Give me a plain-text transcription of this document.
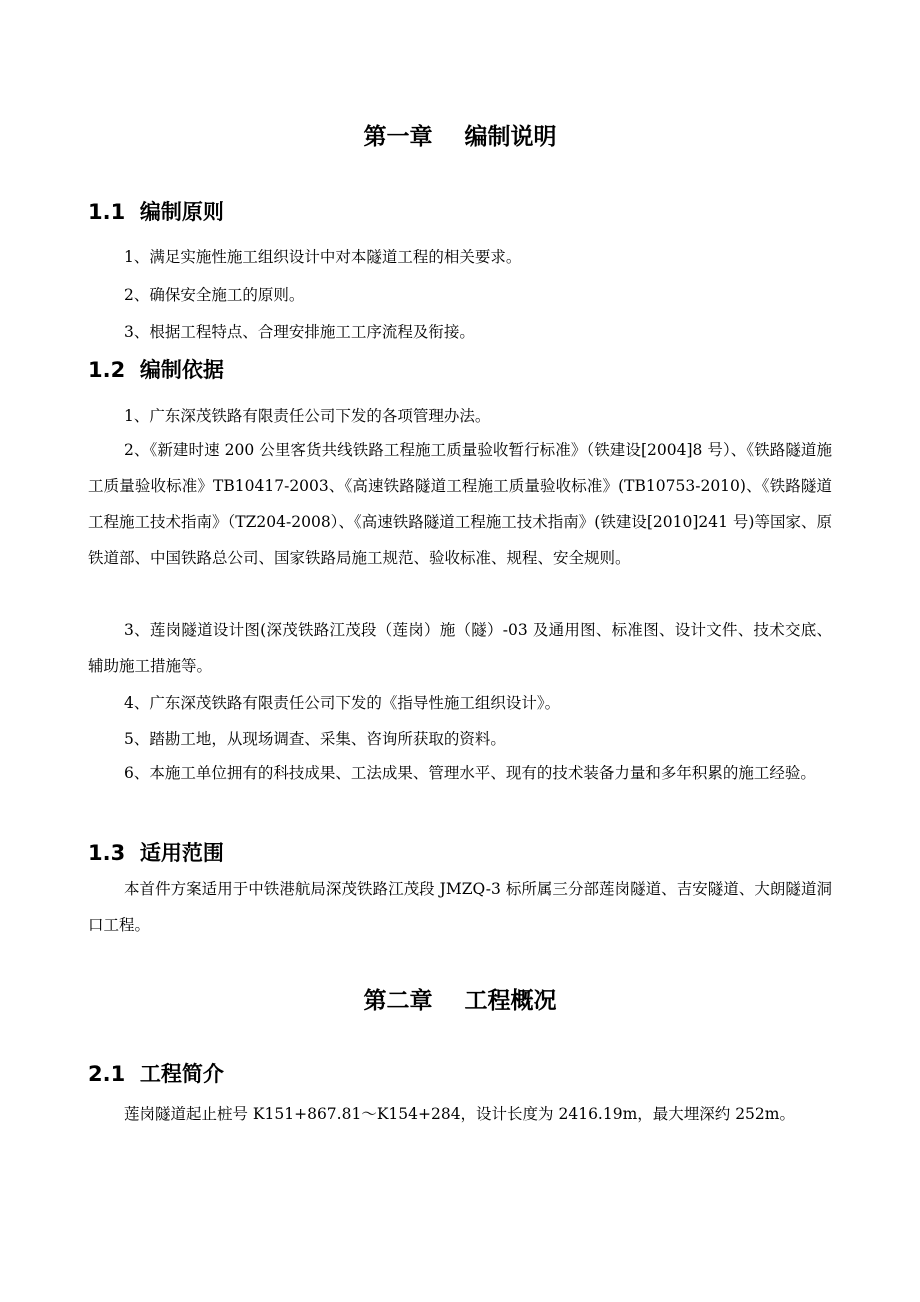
第一章    编制说明
1.1  编制原则
1、满足实施性施工组织设计中对本隧道工程的相关要求。
2、确保安全施工的原则。
3、根据工程特点、合理安排施工工序流程及衔接。
1.2  编制依据
1、广东深茂铁路有限责任公司下发的各项管理办法。
2、《新建时速 200 公里客货共线铁路工程施工质量验收暂行标准》（铁建设[2004]8 号）、《铁路隧道施工质量验收标准》TB10417-2003、《高速铁路隧道工程施工质量验收标准》(TB10753-2010)、《铁路隧道工程施工技术指南》（TZ204-2008）、《高速铁路隧道工程施工技术指南》(铁建设[2010]241 号)等国家、原铁道部、中国铁路总公司、国家铁路局施工规范、验收标准、规程、安全规则。
3、莲岗隧道设计图(深茂铁路江茂段（莲岗）施（隧）-03 及通用图、标准图、设计文件、技术交底、辅助施工措施等。
4、广东深茂铁路有限责任公司下发的《指导性施工组织设计》。
5、踏勘工地，从现场调查、采集、咨询所获取的资料。
6、本施工单位拥有的科技成果、工法成果、管理水平、现有的技术装备力量和多年积累的施工经验。
1.3  适用范围
本首件方案适用于中铁港航局深茂铁路江茂段 JMZQ-3 标所属三分部莲岗隧道、吉安隧道、大朗隧道洞口工程。
第二章    工程概况
2.1  工程简介
莲岗隧道起止桩号 K151+867.81～K154+284，设计长度为 2416.19m，最大埋深约 252m。
